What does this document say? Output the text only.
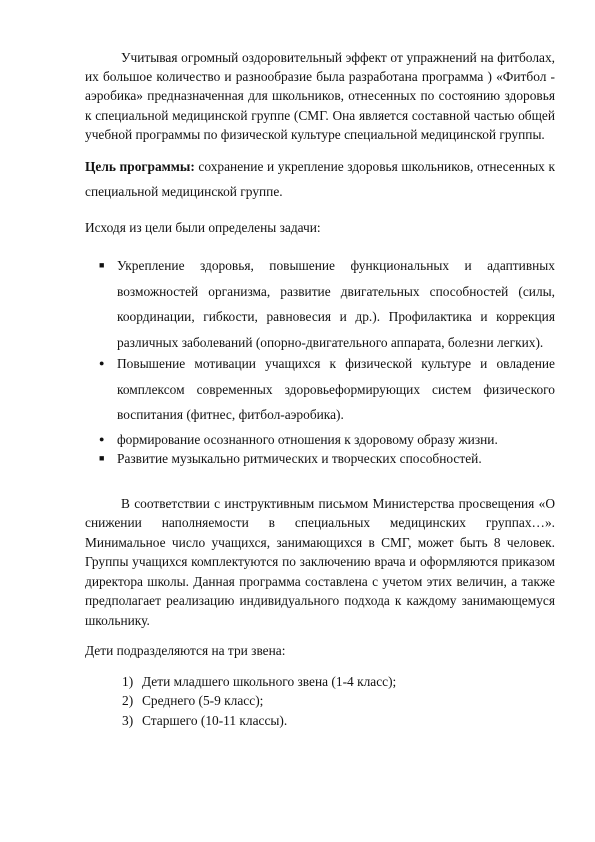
Учитывая огромный оздоровительный эффект от упражнений на фитболах, их большое количество и разнообразие была разработана программа ) «Фитбол - аэробика» предназначенная для школьников, отнесенных по состоянию здоровья к специальной медицинской группе (СМГ. Она является составной частью общей учебной программы по физической культуре специальной медицинской группы.

Цель программы: сохранение и укрепление здоровья школьников, отнесенных к специальной медицинской группе.

Исходя из цели были определены задачи:

■ Укрепление здоровья, повышение функциональных и адаптивных возможностей организма, развитие двигательных способностей (силы, координации, гибкости, равновесия и др.). Профилактика и коррекция различных заболеваний (опорно-двигательного аппарата, болезни легких).
● Повышение мотивации учащихся к физической культуре и овладение комплексом современных здоровьеформирующих систем физического воспитания (фитнес, фитбол-аэробика).
● формирование осознанного отношения к здоровому образу жизни.
■ Развитие музыкально ритмических и творческих способностей.

В соответствии с инструктивным письмом Министерства просвещения «О снижении наполняемости в специальных медицинских группах…». Минимальное число учащихся, занимающихся в СМГ, может быть 8 человек. Группы учащихся комплектуются по заключению врача и оформляются приказом директора школы. Данная программа составлена с учетом этих величин, а также предполагает реализацию индивидуального подхода к каждому занимающемуся школьнику.

Дети подразделяются на три звена:

1) Дети младшего школьного звена (1-4 класс);
2) Среднего (5-9 класс);
3) Старшего (10-11 классы).
